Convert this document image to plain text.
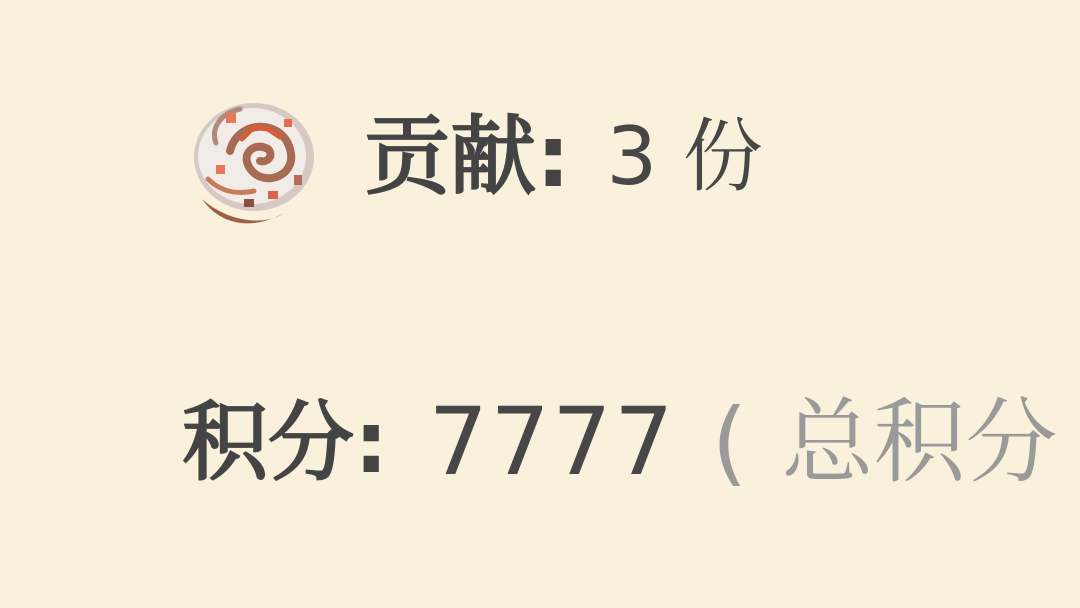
贡献: 3 份
积分: 7777 ( 总积分
